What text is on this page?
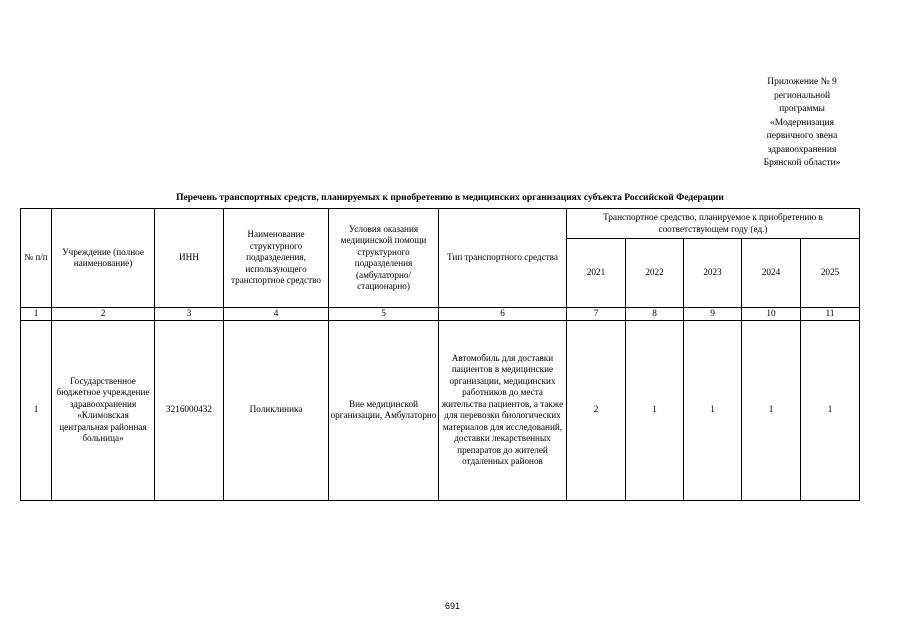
Приложение № 9
региональной
программы
«Модернизация
первичного звена
здравоохранения
Брянской области»
Перечень транспортных средств, планируемых к приобретению в медицинских организациях субъекта Российской Федерации
№ п/п	Учреждение (полное наименование)	ИНН	Наименование структурного подразделения, использующего транспортное средство	Условия оказания медицинской помощи структурного подразделения (амбулаторно/ стационарно)	Тип транспортного средства	Транспортное средство, планируемое к приобретению в соответствующем году (ед.)				
						2021	2022	2023	2024	2025
1	2	3	4	5	6	7	8	9	10	11
1	Государственное бюджетное учреждение здравоохранения «Климовская центральная районная больница»	3216000432	Поликлиника	Вне медицинской организации, Амбулаторно	Автомобиль для доставки пациентов в медицинские организации, медицинских работников до места жительства пациентов, а также для перевозки биологических материалов для исследований, доставки лекарственных препаратов до жителей отдаленных районов	2	1	1	1	1
691
